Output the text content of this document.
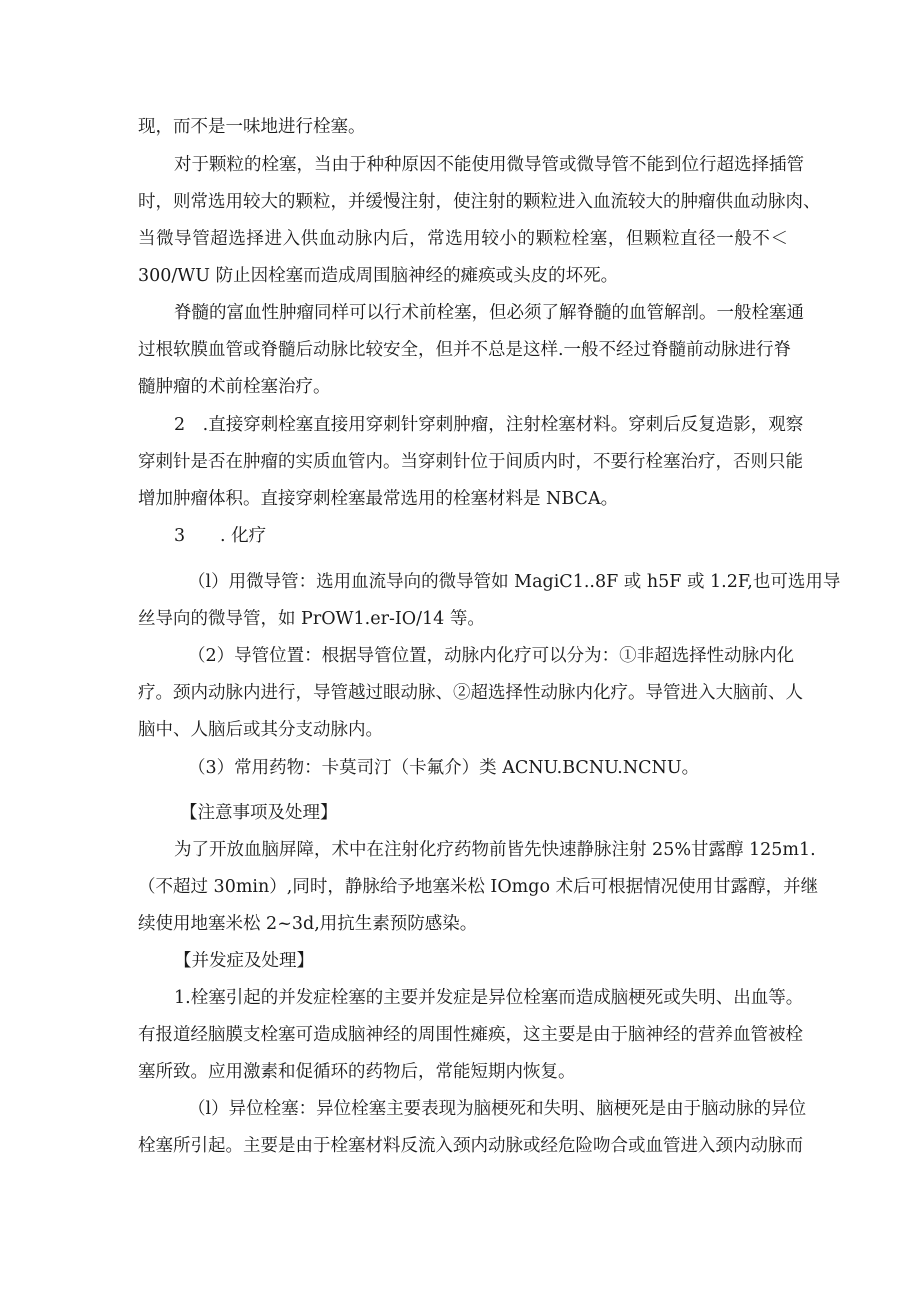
现，而不是一味地进行栓塞。
对于颗粒的栓塞，当由于种种原因不能使用微导管或微导管不能到位行超选择插管
时，则常选用较大的颗粒，并缓慢注射，使注射的颗粒进入血流较大的肿瘤供血动脉肉、
当微导管超选择进入供血动脉内后，常选用较小的颗粒栓塞，但颗粒直径一般不＜
300/WU 防止因栓塞而造成周围脑神经的瘫痪或头皮的坏死。
脊髓的富血性肿瘤同样可以行术前栓塞，但必须了解脊髓的血管解剖。一般栓塞通
过根软膜血管或脊髓后动脉比较安全，但并不总是这样.一般不经过脊髓前动脉进行脊
髓肿瘤的术前栓塞治疗。
2　.直接穿刺栓塞直接用穿刺针穿刺肿瘤，注射栓塞材料。穿刺后反复造影，观察
穿刺针是否在肿瘤的实质血管内。当穿刺针位于间质内时，不要行栓塞治疗，否则只能
增加肿瘤体积。直接穿刺栓塞最常选用的栓塞材料是 NBCA。
3 . 化疗
（l）用微导管：选用血流导向的微导管如 MagiC1..8F 或 h5F 或 1.2F,也可选用导
丝导向的微导管，如 PrOW1.er-IO/14 等。
（2）导管位置：根据导管位置，动脉内化疗可以分为：①非超选择性动脉内化
疗。颈内动脉内进行，导管越过眼动脉、②超选择性动脉内化疗。导管进入大脑前、人
脑中、人脑后或其分支动脉内。
（3）常用药物：卡莫司汀（卡氟介）类 ACNU.BCNU.NCNU。
【注意事项及处理】
为了开放血脑屏障，术中在注射化疗药物前皆先快速静脉注射 25%甘露醇 125m1.
（不超过 30min）,同时，静脉给予地塞米松 IOmgo 术后可根据情况使用甘露醇，并继
续使用地塞米松 2~3d,用抗生素预防感染。
【并发症及处理】
1.栓塞引起的并发症栓塞的主要并发症是异位栓塞而造成脑梗死或失明、出血等。
有报道经脑膜支栓塞可造成脑神经的周围性瘫痪，这主要是由于脑神经的营养血管被栓
塞所致。应用激素和促循环的药物后，常能短期内恢复。
（l）异位栓塞：异位栓塞主要表现为脑梗死和失明、脑梗死是由于脑动脉的异位
栓塞所引起。主要是由于栓塞材料反流入颈内动脉或经危险吻合或血管进入颈内动脉而
